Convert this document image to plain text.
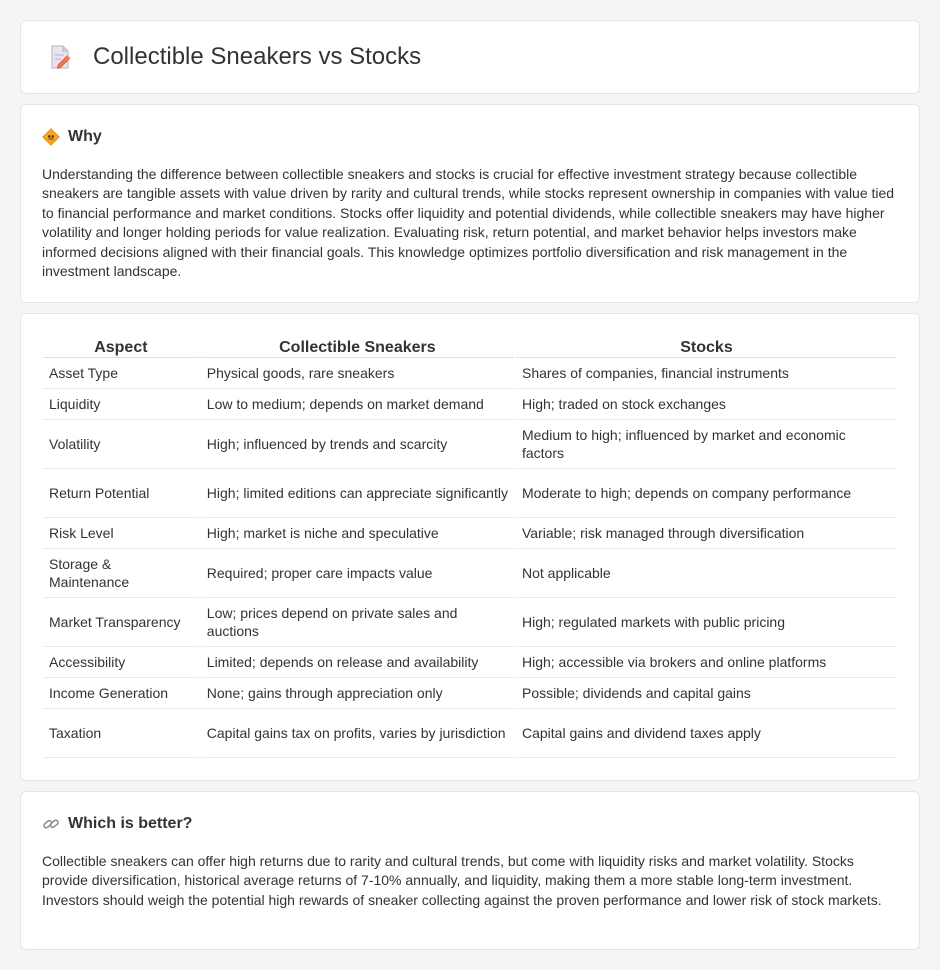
Collectible Sneakers vs Stocks
Why

Understanding the difference between collectible sneakers and stocks is crucial for effective investment strategy because collectible sneakers are tangible assets with value driven by rarity and cultural trends, while stocks represent ownership in companies with value tied to financial performance and market conditions. Stocks offer liquidity and potential dividends, while collectible sneakers may have higher volatility and longer holding periods for value realization. Evaluating risk, return potential, and market behavior helps investors make informed decisions aligned with their financial goals. This knowledge optimizes portfolio diversification and risk management in the investment landscape.

Aspect	Collectible Sneakers	Stocks
Asset Type	Physical goods, rare sneakers	Shares of companies, financial instruments
Liquidity	Low to medium; depends on market demand	High; traded on stock exchanges
Volatility	High; influenced by trends and scarcity	Medium to high; influenced by market and economic factors
Return Potential	High; limited editions can appreciate significantly	Moderate to high; depends on company performance
Risk Level	High; market is niche and speculative	Variable; risk managed through diversification
Storage & Maintenance	Required; proper care impacts value	Not applicable
Market Transparency	Low; prices depend on private sales and auctions	High; regulated markets with public pricing
Accessibility	Limited; depends on release and availability	High; accessible via brokers and online platforms
Income Generation	None; gains through appreciation only	Possible; dividends and capital gains
Taxation	Capital gains tax on profits, varies by jurisdiction	Capital gains and dividend taxes apply
Which is better?

Collectible sneakers can offer high returns due to rarity and cultural trends, but come with liquidity risks and market volatility. Stocks provide diversification, historical average returns of 7-10% annually, and liquidity, making them a more stable long-term investment. Investors should weigh the potential high rewards of sneaker collecting against the proven performance and lower risk of stock markets.
